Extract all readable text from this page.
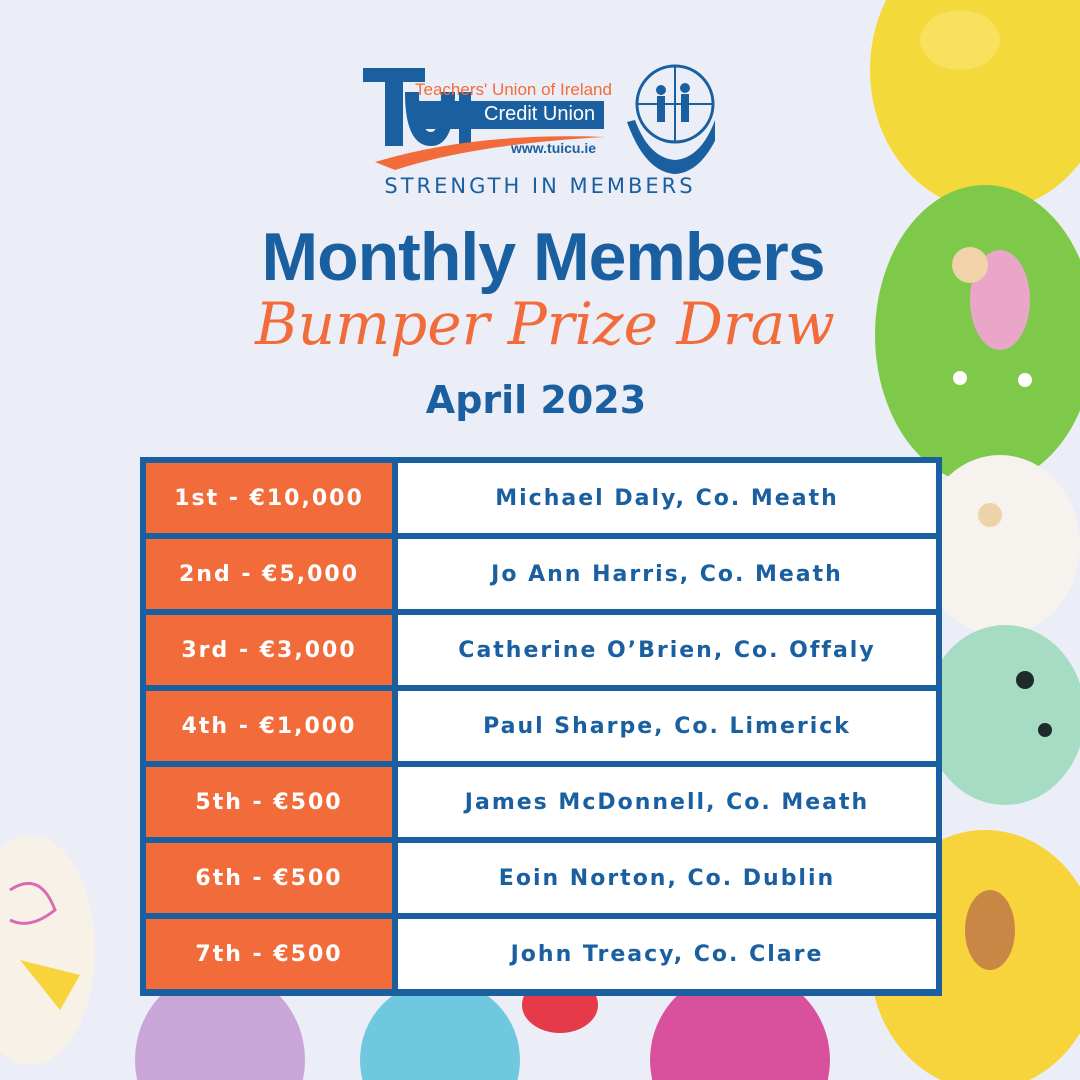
Teachers' Union of Ireland
Credit Union
www.tuicu.ie
STRENGTH IN MEMBERS
Monthly Members
Bumper Prize Draw
April 2023
1st - €10,000	Michael Daly, Co. Meath
2nd - €5,000	Jo Ann Harris, Co. Meath
3rd - €3,000	Catherine O’Brien, Co. Offaly
4th - €1,000	Paul Sharpe, Co. Limerick
5th - €500	James McDonnell, Co. Meath
6th - €500	Eoin Norton, Co. Dublin
7th - €500	John Treacy, Co. Clare
